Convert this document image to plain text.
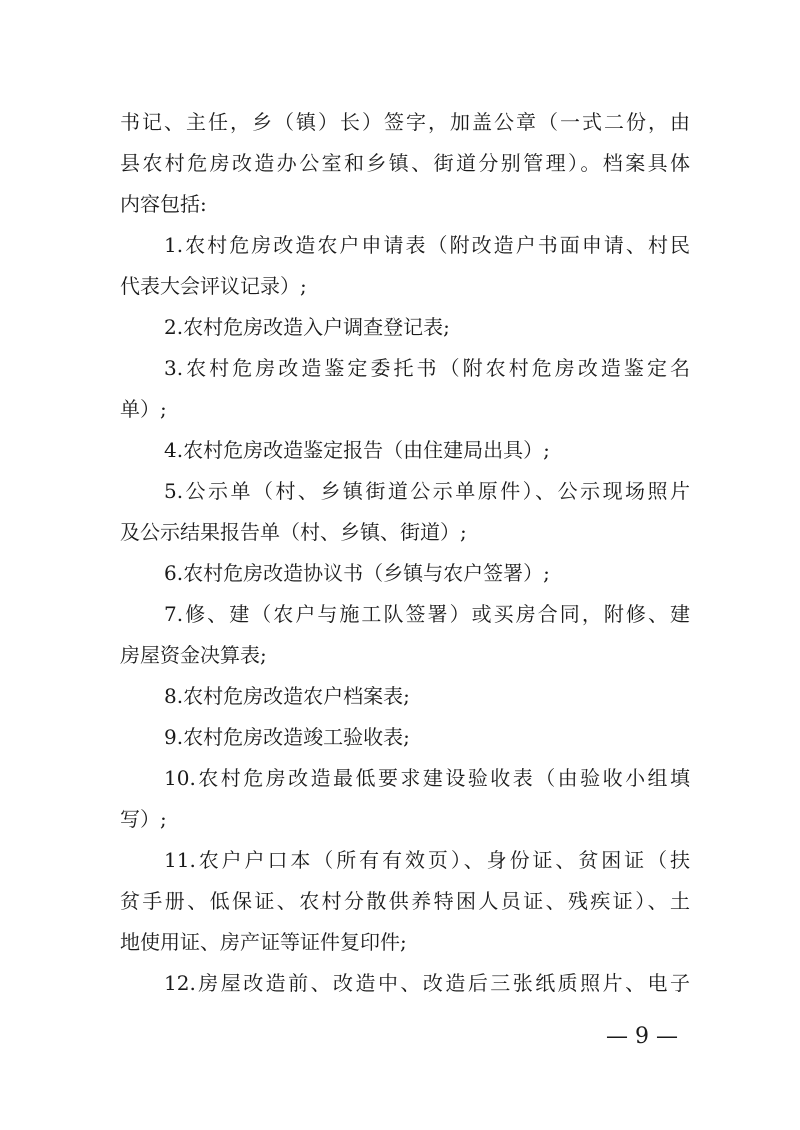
书记、主任，乡（镇）长）签字，加盖公章（一式二份，由
县农村危房改造办公室和乡镇、街道分别管理）。档案具体
内容包括:
1.农村危房改造农户申请表（附改造户书面申请、村民
代表大会评议记录）;
2.农村危房改造入户调查登记表;
3.农村危房改造鉴定委托书（附农村危房改造鉴定名
单）;
4.农村危房改造鉴定报告（由住建局出具）;
5.公示单（村、乡镇街道公示单原件）、公示现场照片
及公示结果报告单（村、乡镇、街道）;
6.农村危房改造协议书（乡镇与农户签署）;
7.修、建（农户与施工队签署）或买房合同，附修、建
房屋资金决算表;
8.农村危房改造农户档案表;
9.农村危房改造竣工验收表;
10.农村危房改造最低要求建设验收表（由验收小组填
写）;
11.农户户口本（所有有效页）、身份证、贫困证（扶
贫手册、低保证、农村分散供养特困人员证、残疾证）、土
地使用证、房产证等证件复印件;
12.房屋改造前、改造中、改造后三张纸质照片、电子
— 9 —
